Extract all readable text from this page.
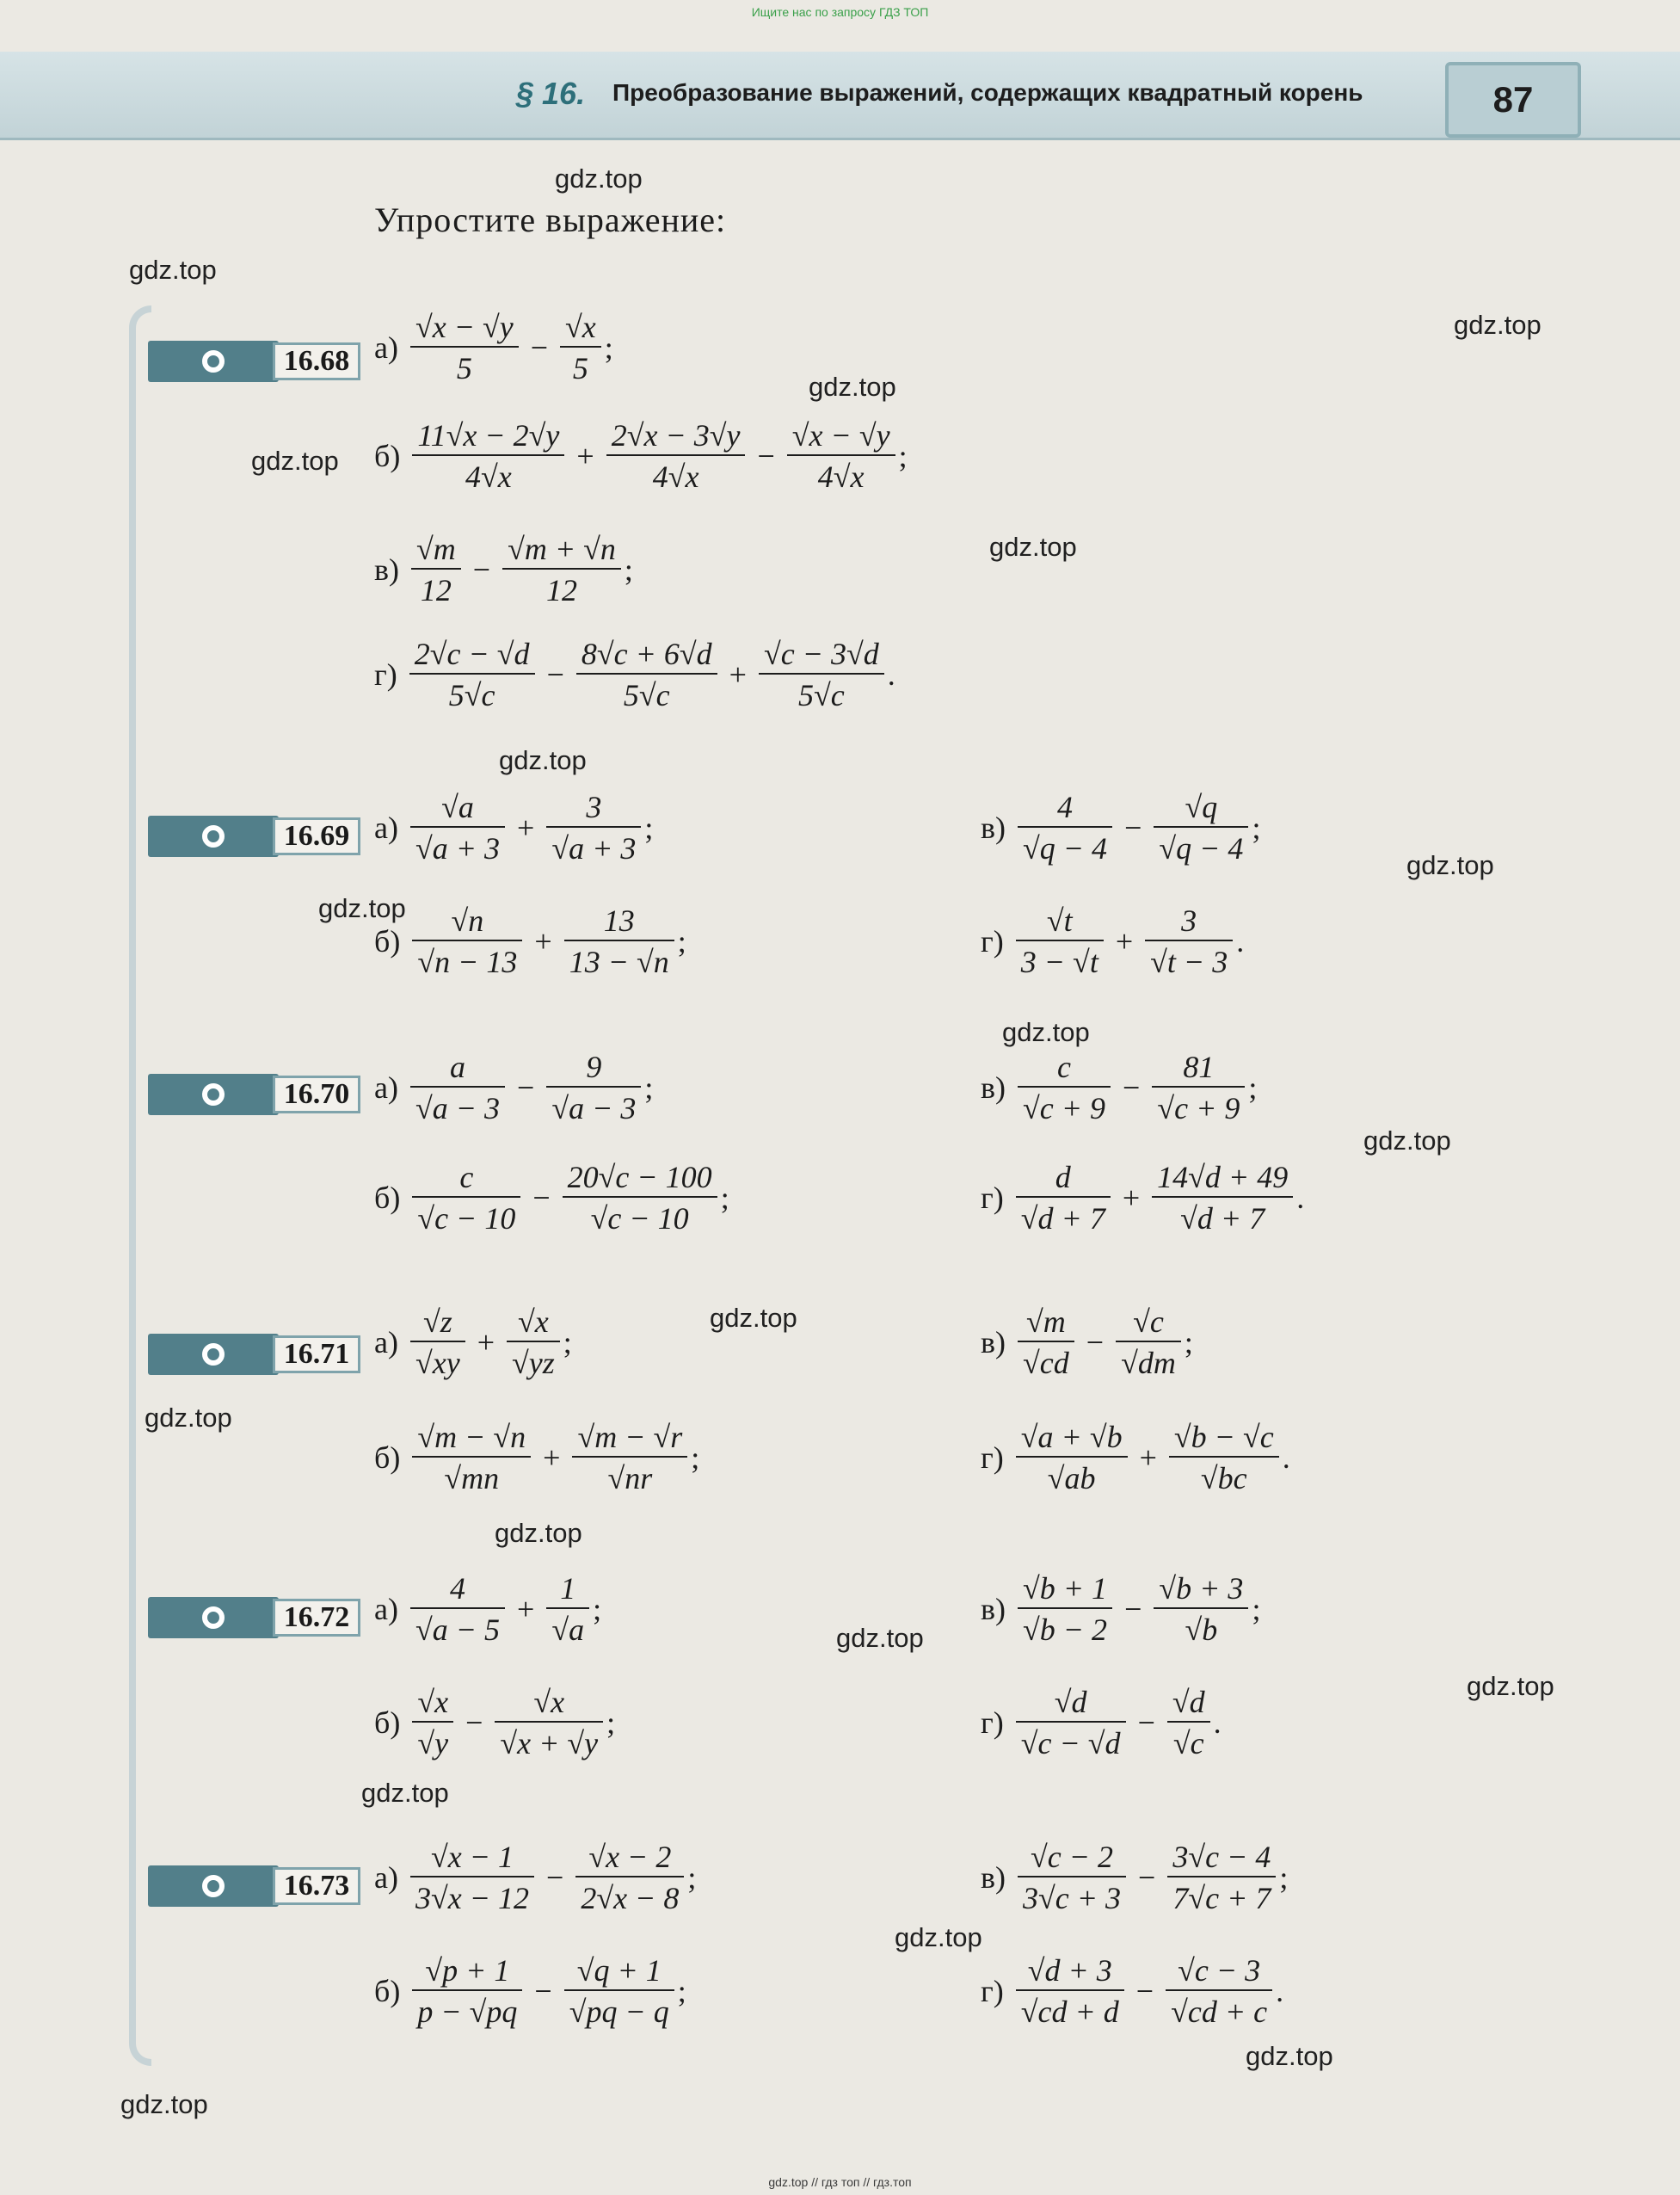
Ищите нас по запросу ГДЗ ТОП
§ 16. Преобразование выражений, содержащих квадратный корень	87
Упростите выражение:
gdz.top
gdz.top
gdz.top
gdz.top
gdz.top
gdz.top
gdz.top
gdz.top
gdz.top
gdz.top
gdz.top
gdz.top
gdz.top
gdz.top
gdz.top
gdz.top
gdz.top
gdz.top
gdz.top
gdz.top
16.68
16.69
16.70
16.71
16.72
16.73
а)
√x − √y
5
−
√x
5
;
б)
11√x − 2√y
4√x
+
2√x − 3√y
4√x
−
√x − √y
4√x
;
в)
√m
12
−
√m + √n
12
;
г)
2√c − √d
5√c
−
8√c + 6√d
5√c
+
√c − 3√d
5√c
.
а)
√a
√a + 3
+
3
√a + 3
;
б)
√n
√n − 13
+
13
13 − √n
;
в)
4
√q − 4
−
√q
√q − 4
;
г)
√t
3 − √t
+
3
√t − 3
.
а)
a
√a − 3
−
9
√a − 3
;
б)
c
√c − 10
−
20√c − 100
√c − 10
;
в)
c
√c + 9
−
81
√c + 9
;
г)
d
√d + 7
+
14√d + 49
√d + 7
.
а)
√z
√xy
+
√x
√yz
;
б)
√m − √n
√mn
+
√m − √r
√nr
;
в)
√m
√cd
−
√c
√dm
;
г)
√a + √b
√ab
+
√b − √c
√bc
.
а)
4
√a − 5
+
1
√a
;
б)
√x
√y
−
√x
√x + √y
;
в)
√b + 1
√b − 2
−
√b + 3
√b
;
г)
√d
√c − √d
−
√d
√c
.
а)
√x − 1
3√x − 12
−
√x − 2
2√x − 8
;
б)
√p + 1
p − √pq
−
√q + 1
√pq − q
;
в)
√c − 2
3√c + 3
−
3√c − 4
7√c + 7
;
г)
√d + 3
√cd + d
−
√c − 3
√cd + c
.
gdz.top // гдз топ // гдз.топ
